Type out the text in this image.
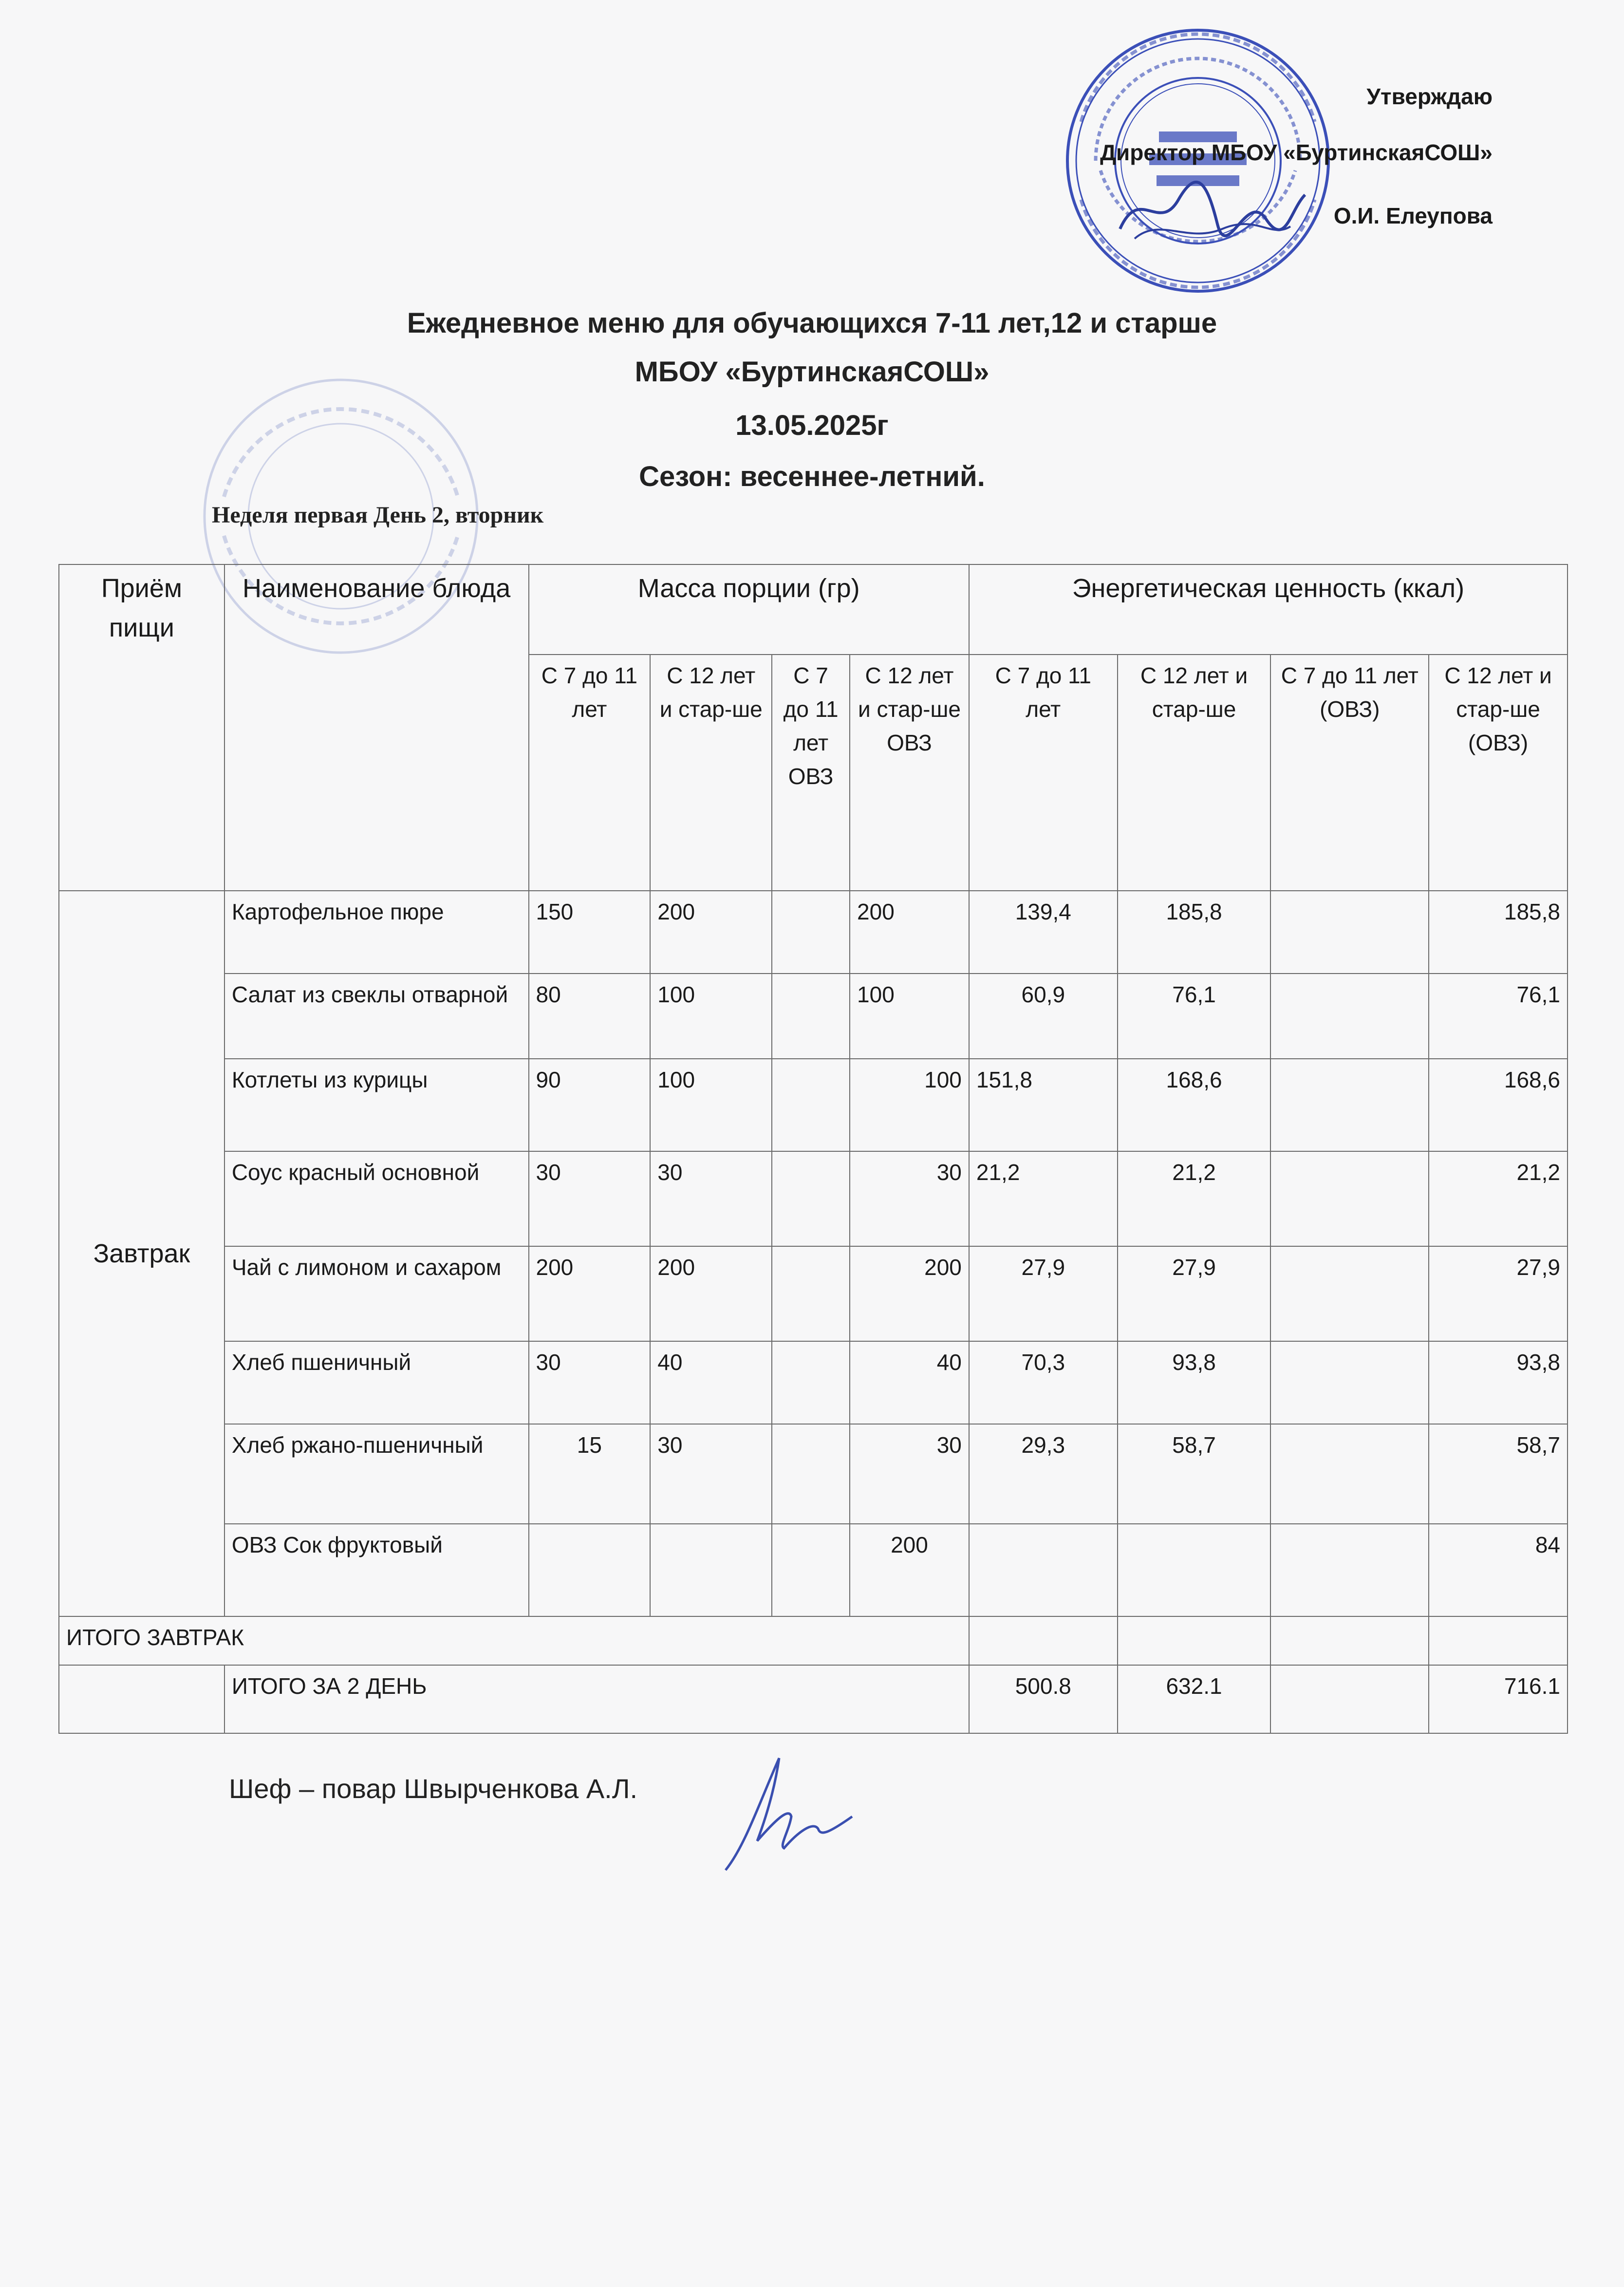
Утверждаю
Директор МБОУ «БуртинскаяСОШ»
О.И. Елеупова
Ежедневное меню для обучающихся 7-11 лет,12 и старше
МБОУ «БуртинскаяСОШ»
13.05.2025г
Сезон: весеннее-летний.
Неделя первая День 2, вторник
Приём пищи	Наименование блюда	Масса порции (гр)				Энергетическая ценность (ккал)			
		С 7 до 11 лет	С 12 лет и стар-ше	С 7 до 11 лет ОВЗ	С 12 лет и стар-ше ОВЗ	С 7 до 11 лет	С 12 лет и стар-ше	С 7 до 11 лет (ОВЗ)	С 12 лет и стар-ше (ОВЗ)
Завтрак	Картофельное пюре	150	200		200	139,4	185,8		185,8
	Салат из свеклы отварной	80	100		100	60,9	76,1		76,1
	Котлеты из курицы	90	100		100	151,8	168,6		168,6
	Соус красный основной	30	30		30	21,2	21,2		21,2
	Чай с лимоном и сахаром	200	200		200	27,9	27,9		27,9
	Хлеб пшеничный	30	40		40	70,3	93,8		93,8
	Хлеб ржано-пшеничный	15	30		30	29,3	58,7		58,7
	ОВЗ Сок фруктовый				200				84
ИТОГО ЗАВТРАК									
	ИТОГО ЗА 2 ДЕНЬ					500.8	632.1		716.1
Шеф – повар Швырченкова А.Л.
